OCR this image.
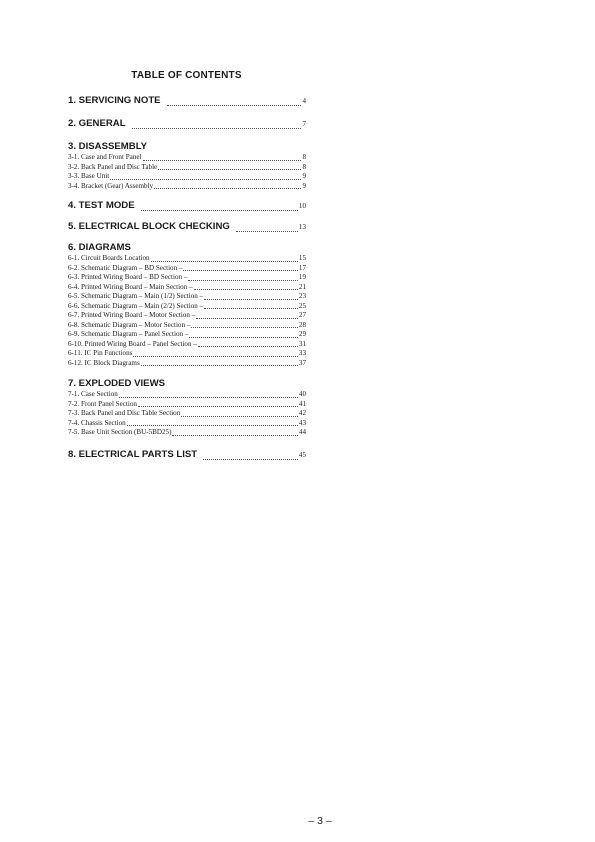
TABLE OF CONTENTS
1. SERVICING NOTE	4
2. GENERAL	7
3. DISASSEMBLY
3-1. Case and Front Panel	8
3-2. Back Panel and Disc Table	8
3-3. Base Unit	9
3-4. Bracket (Gear) Assembly	9
4. TEST MODE	10
5. ELECTRICAL BLOCK CHECKING	13
6. DIAGRAMS
6-1. Circuit Boards Location	15
6-2. Schematic Diagram – BD Section –	17
6-3. Printed Wiring Board – BD Section –	19
6-4. Printed Wiring Board – Main Section –	21
6-5. Schematic Diagram – Main (1/2) Section –	23
6-6. Schematic Diagram – Main (2/2) Section –	25
6-7. Printed Wiring Board – Motor Section –	27
6-8. Schematic Diagram – Motor Section –	28
6-9. Schematic Diagram – Panel Section –	29
6-10. Printed Wiring Board – Panel Section –	31
6-11. IC Pin Functions	33
6-12. IC Block Diagrams	37
7. EXPLODED VIEWS
7-1. Case Section	40
7-2. Front Panel Section	41
7-3. Back Panel and Disc Table Section	42
7-4. Chassis Section	43
7-5. Base Unit Section (BU-5BD25)	44
8. ELECTRICAL PARTS LIST	45
– 3 –
